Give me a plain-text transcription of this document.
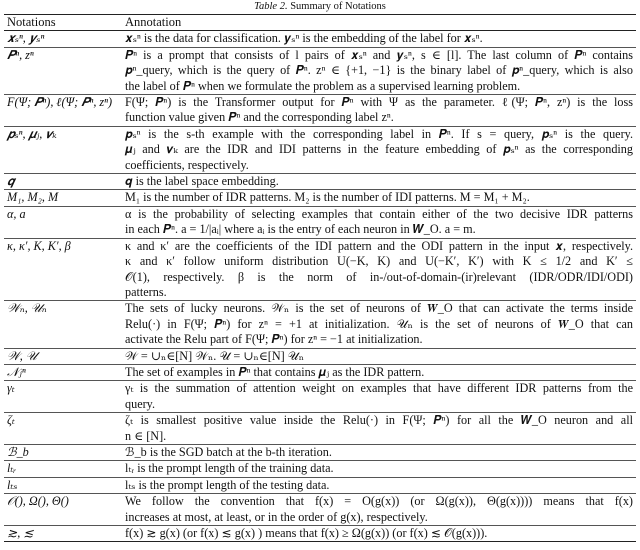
Table 2. Summary of Notations
Notations	Annotation
𝒙ₛⁿ, 𝒚ₛⁿ	𝒙ₛⁿ is the data for classification. 𝒚ₛⁿ is the embedding of the label for 𝒙ₛⁿ.

𝑷ⁿ, zⁿ	𝑷ⁿ is a prompt that consists of l pairs of 𝒙ₛⁿ and 𝒚ₛⁿ, s ∈ [l]. The last column of 𝑷ⁿ contains
𝒑ⁿ_query, which is the query of 𝑷ⁿ. zⁿ ∈ {+1, −1} is the binary label of 𝒑ⁿ_query, which is also
the label of 𝑷ⁿ when we formulate the problem as a supervised learning problem.

F(Ψ; 𝑷ⁿ), ℓ(Ψ; 𝑷ⁿ, zⁿ)	F(Ψ; 𝑷ⁿ) is the Transformer output for 𝑷ⁿ with Ψ as the parameter. ℓ(Ψ; 𝑷ⁿ, zⁿ) is the loss
function value given 𝑷ⁿ and the corresponding label zⁿ.

𝒑ₛⁿ, 𝝁ⱼ, 𝝂ₖ	𝒑ₛⁿ is the s-th example with the corresponding label in 𝑷ⁿ. If s = query, 𝒑ₛⁿ is the query.
𝝁ⱼ and 𝝂ₖ are the IDR and IDI patterns in the feature embedding of 𝒑ₛⁿ as the corresponding
coefficients, respectively.

𝒒	𝒒 is the label space embedding.

M₁, M₂, M	M₁ is the number of IDR patterns. M₂ is the number of IDI patterns. M = M₁ + M₂.

α, a	α is the probability of selecting examples that contain either of the two decisive IDR patterns
in each 𝑷ⁿ. a = 1/|aᵢ| where aᵢ is the entry of each neuron in 𝑾_O. a = m.

κ, κ′, K, K′, β	κ and κ′ are the coefficients of the IDI pattern and the ODI pattern in the input 𝒙, respectively.
κ and κ′ follow uniform distribution U(−K, K) and U(−K′, K′) with K ≤ 1/2 and K′ ≤
𝒪(1), respectively. β is the norm of in-/out-of-domain-(ir)relevant (IDR/ODR/IDI/ODI)
patterns.

𝒲ₙ, 𝒰ₙ	The sets of lucky neurons. 𝒲ₙ is the set of neurons of 𝑾_O that can activate the terms inside
Relu(·) in F(Ψ; 𝑷ⁿ) for zⁿ = +1 at initialization. 𝒰ₙ is the set of neurons of 𝑾_O that can
activate the Relu part of F(Ψ; 𝑷ⁿ) for zⁿ = −1 at initialization.

𝒲, 𝒰	𝒲 = ∪ₙ∈[N] 𝒲ₙ. 𝒰 = ∪ₙ∈[N] 𝒰ₙ

𝒩ⱼⁿ	The set of examples in 𝑷ⁿ that contains 𝝁ⱼ as the IDR pattern.

γₜ	γₜ is the summation of attention weight on examples that have different IDR patterns from the
query.

ζₜ	ζₜ is smallest positive value inside the Relu(·) in F(Ψ; 𝑷ⁿ) for all the 𝑾_O neuron and all
n ∈ [N].

ℬ_b	ℬ_b is the SGD batch at the b-th iteration.

lₜᵣ	lₜᵣ is the prompt length of the training data.

lₜₛ	lₜₛ is the prompt length of the testing data.

𝒪(), Ω(), Θ()	We follow the convention that f(x) = O(g(x)) (or Ω(g(x)), Θ(g(x)))) means that f(x)
increases at most, at least, or in the order of g(x), respectively.

≳, ≲	f(x) ≳ g(x) (or f(x) ≲ g(x) ) means that f(x) ≥ Ω(g(x)) (or f(x) ≲ 𝒪(g(x))).
